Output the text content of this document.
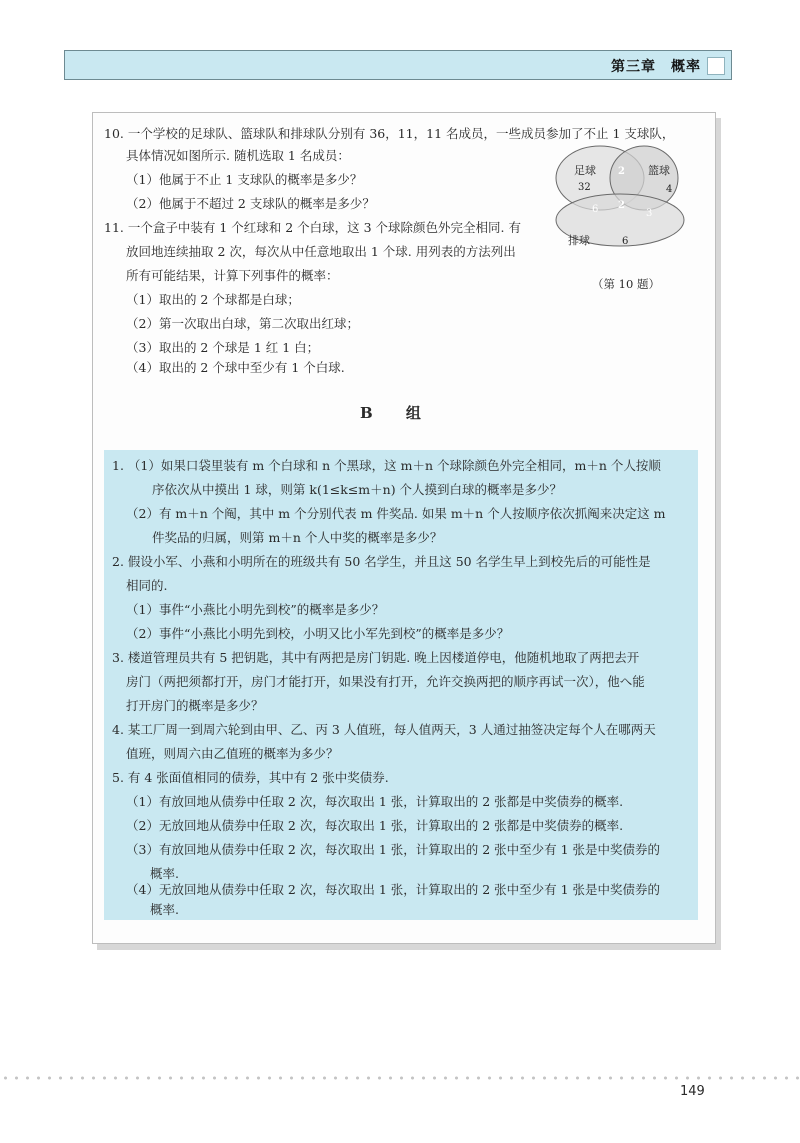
第三章　概率
10. 一个学校的足球队、篮球队和排球队分别有 36，11，11 名成员，一些成员参加了不止 1 支球队，
具体情况如图所示. 随机选取 1 名成员：
（1）他属于不止 1 支球队的概率是多少？
（2）他属于不超过 2 支球队的概率是多少？
11. 一个盒子中装有 1 个红球和 2 个白球，这 3 个球除颜色外完全相同. 有
放回地连续抽取 2 次，每次从中任意地取出 1 个球. 用列表的方法列出
所有可能结果，计算下列事件的概率：
（1）取出的 2 个球都是白球；
（2）第一次取出白球，第二次取出红球；
（3）取出的 2 个球是 1 红 1 白；
（4）取出的 2 个球中至少有 1 个白球.
足球
32
篮球
4
2
6 2
3
排球	6
（第 10 题）
B 组
1. （1）如果口袋里装有 m 个白球和 n 个黑球，这 m＋n 个球除颜色外完全相同，m＋n 个人按顺
序依次从中摸出 1 球，则第 k(1≤k≤m＋n) 个人摸到白球的概率是多少？
（2）有 m＋n 个阄，其中 m 个分别代表 m 件奖品. 如果 m＋n 个人按顺序依次抓阄来决定这 m
件奖品的归属，则第 m＋n 个人中奖的概率是多少？
2. 假设小军、小燕和小明所在的班级共有 50 名学生，并且这 50 名学生早上到校先后的可能性是
相同的.
（1）事件“小燕比小明先到校”的概率是多少？
（2）事件“小燕比小明先到校，小明又比小军先到校”的概率是多少？
3. 楼道管理员共有 5 把钥匙，其中有两把是房门钥匙. 晚上因楼道停电，他随机地取了两把去开
房门（两把须都打开，房门才能打开，如果没有打开，允许交换两把的顺序再试一次），他へ能
打开房门的概率是多少？
4. 某工厂周一到周六轮到由甲、乙、丙 3 人值班，每人值两天，3 人通过抽签决定每个人在哪两天
值班，则周六由乙值班的概率为多少？
5. 有 4 张面值相同的债券，其中有 2 张中奖债券.
（1）有放回地从债券中任取 2 次，每次取出 1 张，计算取出的 2 张都是中奖债券的概率.
（2）无放回地从债券中任取 2 次，每次取出 1 张，计算取出的 2 张都是中奖债券的概率.
（3）有放回地从债券中任取 2 次，每次取出 1 张，计算取出的 2 张中至少有 1 张是中奖债券的
概率.
（4）无放回地从债券中任取 2 次，每次取出 1 张，计算取出的 2 张中至少有 1 张是中奖债券的
概率.
149
